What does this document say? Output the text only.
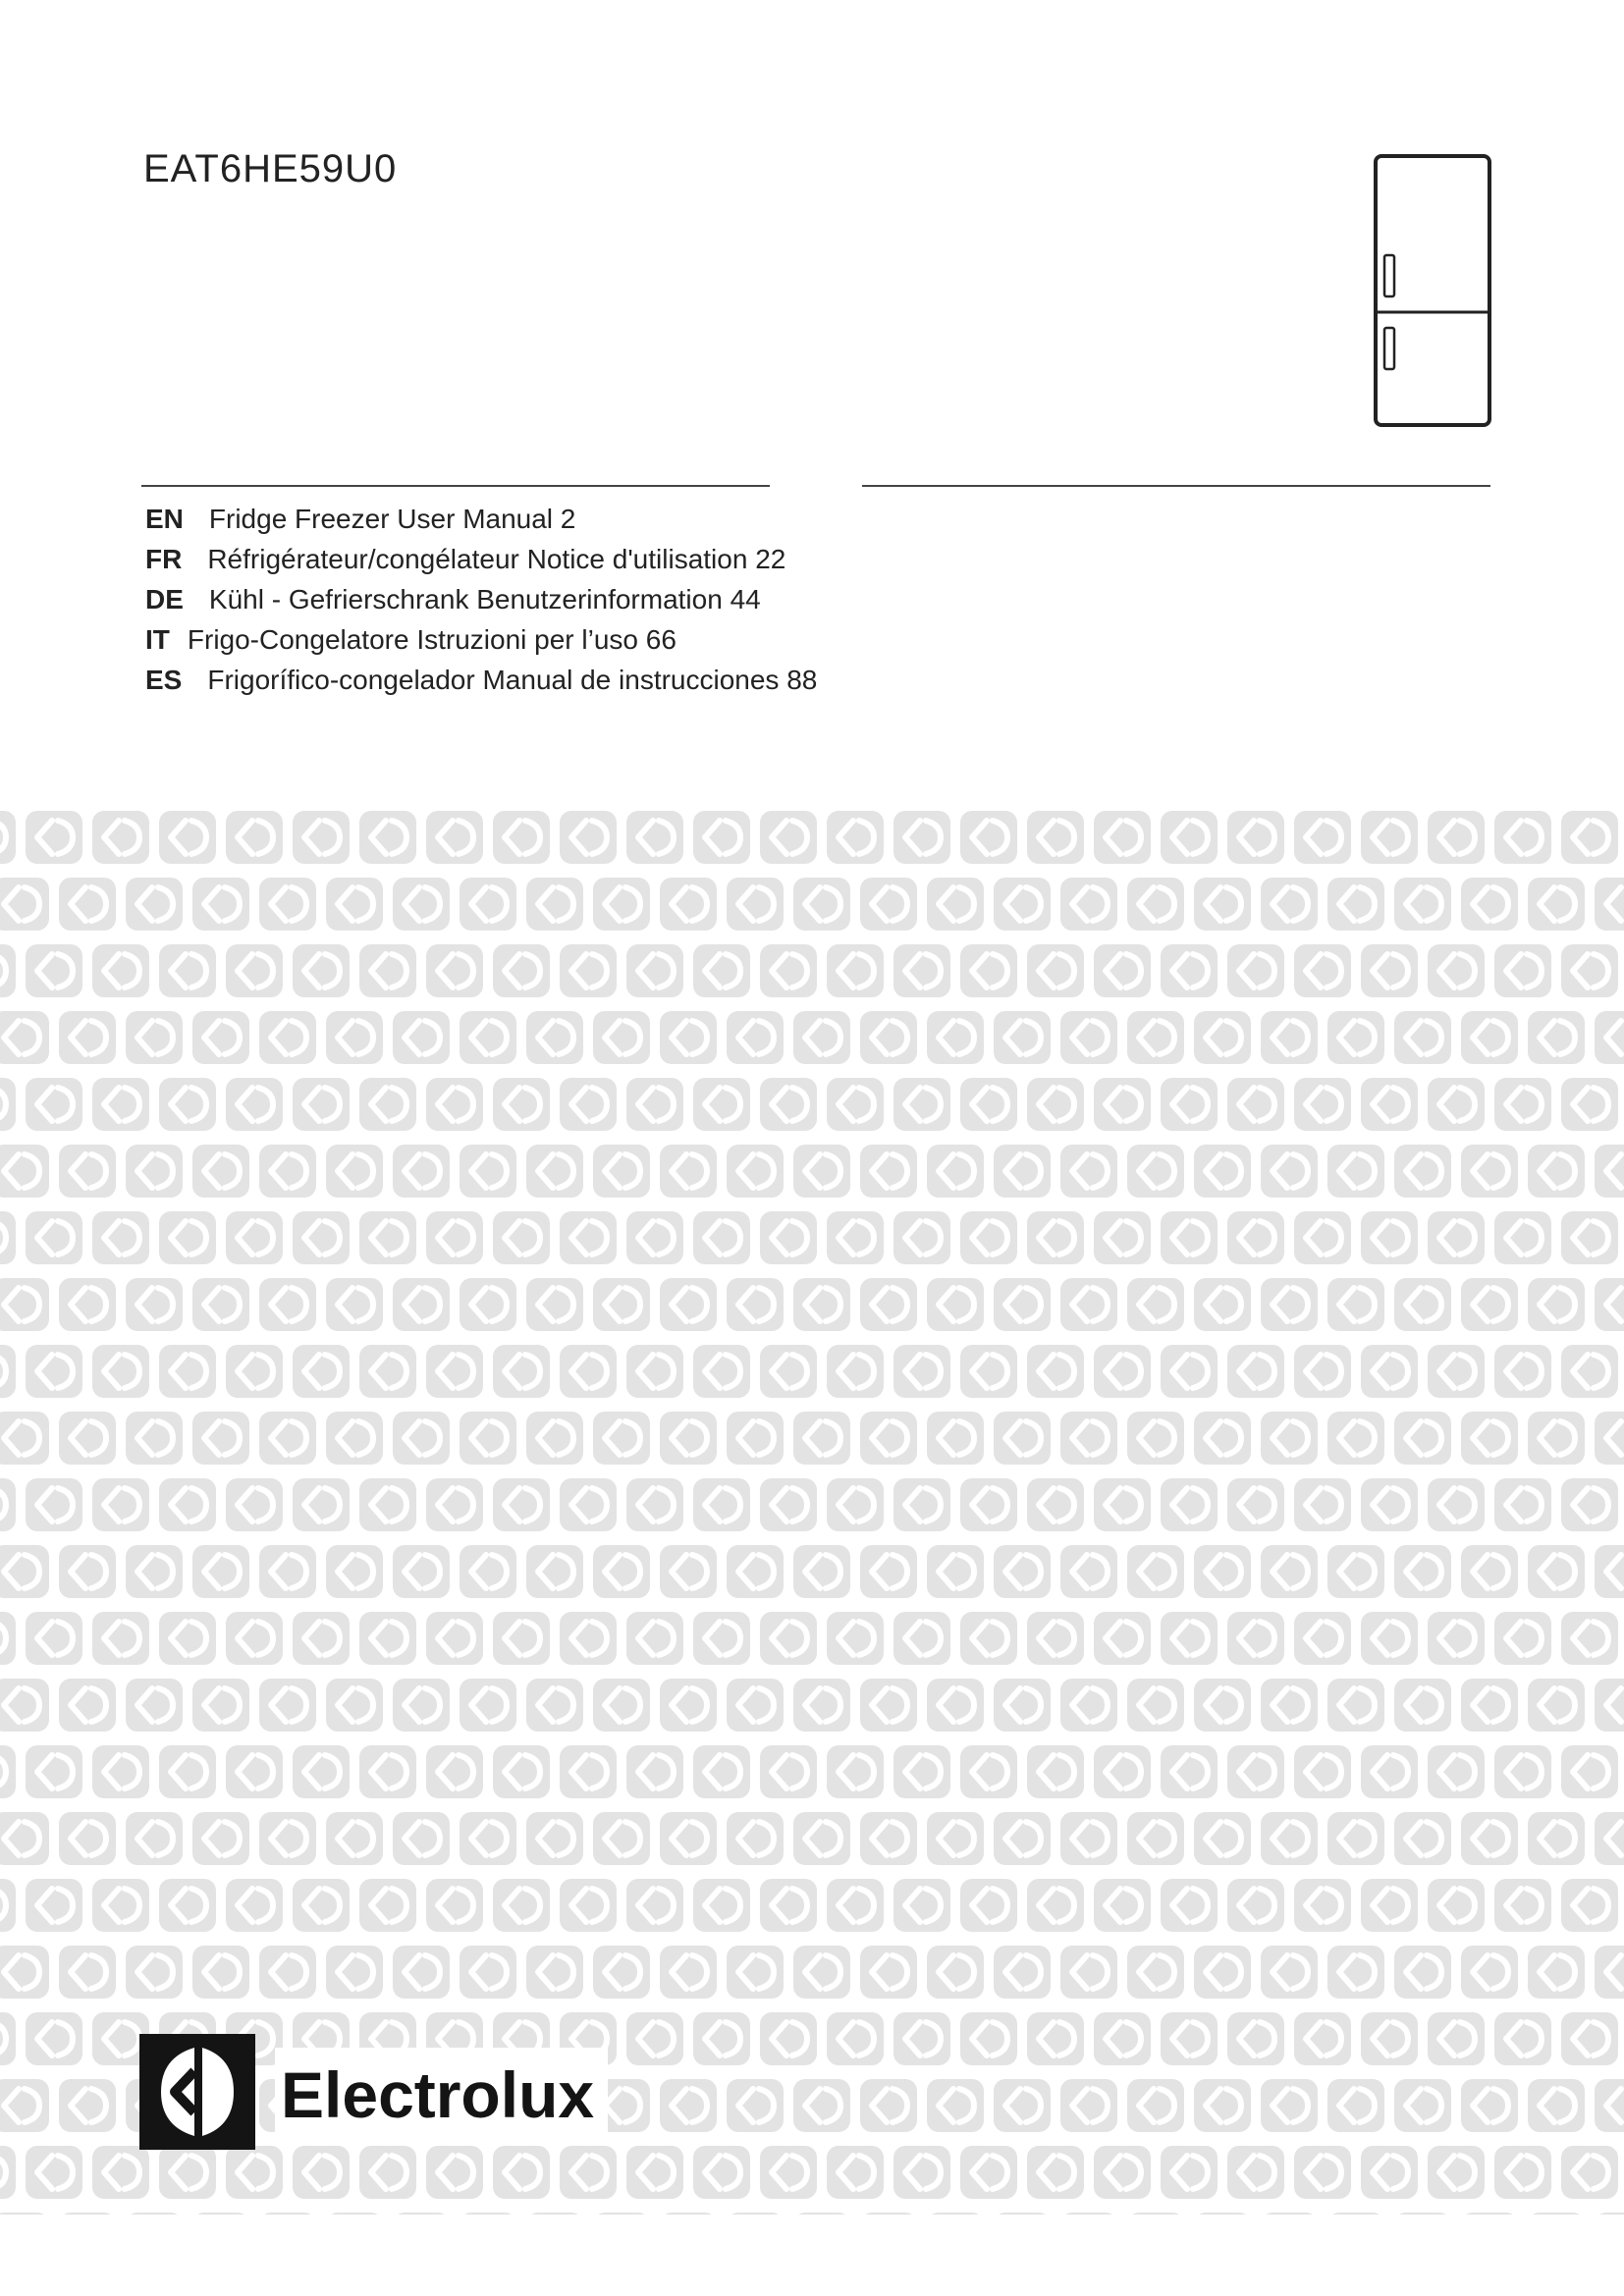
EAT6HE59U0
EN Fridge Freezer User Manual 2
FR Réfrigérateur/congélateur Notice d'utilisation 22
DE Kühl - Gefrierschrank Benutzerinformation 44
IT Frigo-Congelatore Istruzioni per l’uso 66
ES Frigorífico-congelador Manual de instrucciones 88
Electrolux
